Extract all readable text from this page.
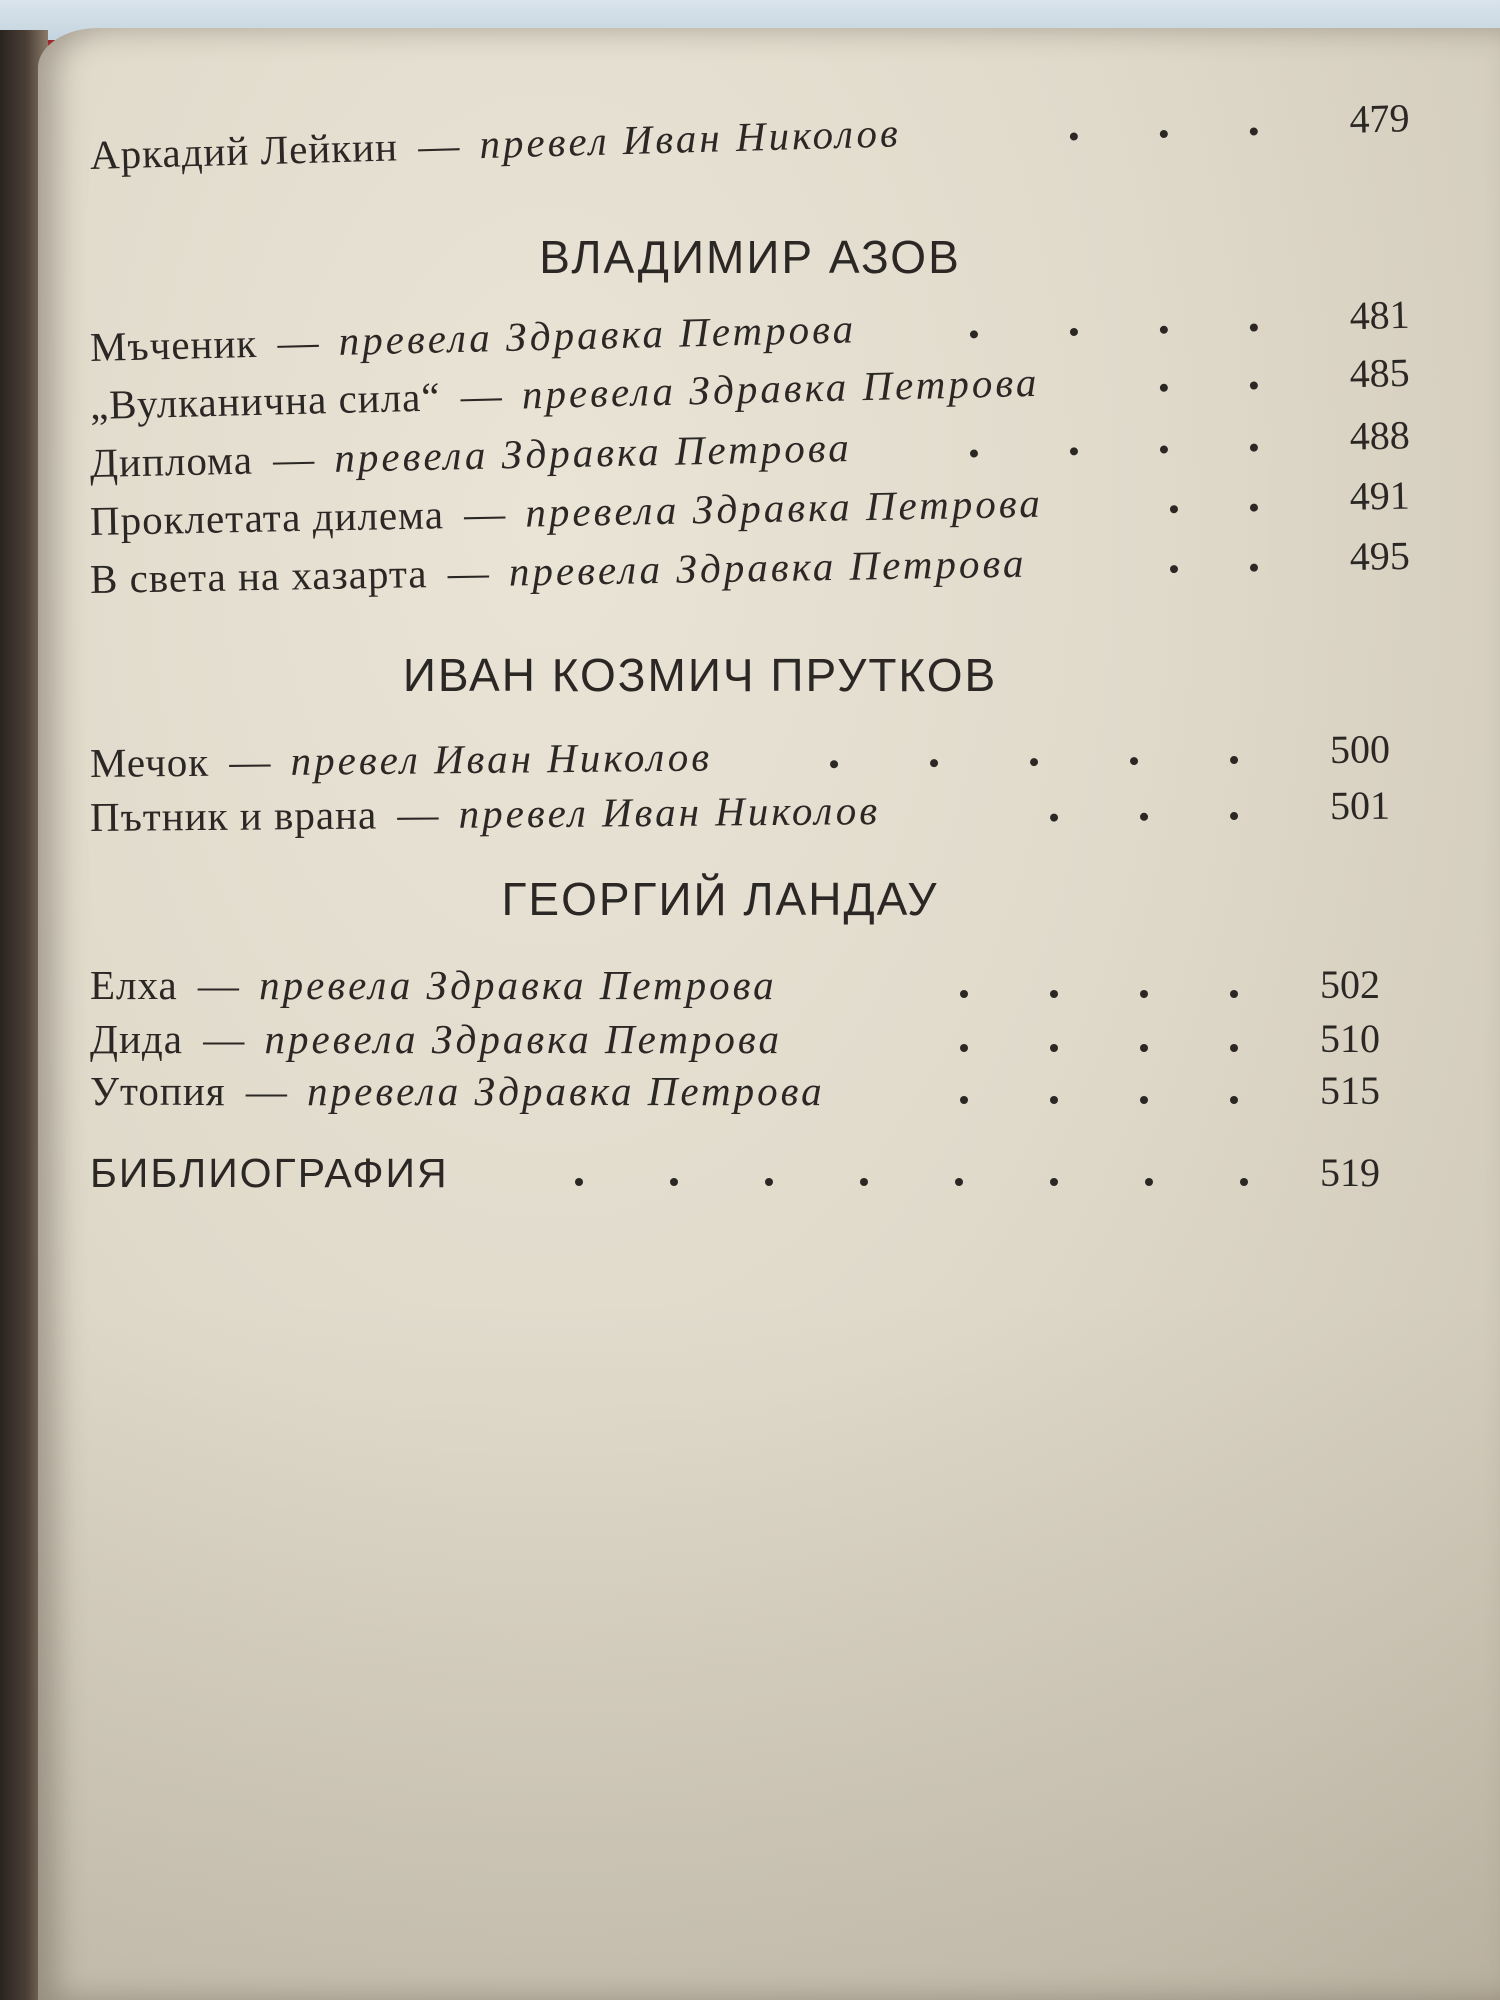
Аркадий Лейкин — превел Иван Николов	479
ВЛАДИМИР АЗОВ
Мъченик — превела Здравка Петрова	481
„Вулканична сила“ — превела Здравка Петрова	485
Диплома — превела Здравка Петрова	488
Проклетата дилема — превела Здравка Петрова	491
В света на хазарта — превела Здравка Петрова	495
ИВАН КОЗМИЧ ПРУТКОВ
Мечок — превел Иван Николов	500
Пътник и врана — превел Иван Николов	501
ГЕОРГИЙ ЛАНДАУ
Елха — превела Здравка Петрова	502
Дида — превела Здравка Петрова	510
Утопия — превела Здравка Петрова	515
БИБЛИОГРАФИЯ	519
